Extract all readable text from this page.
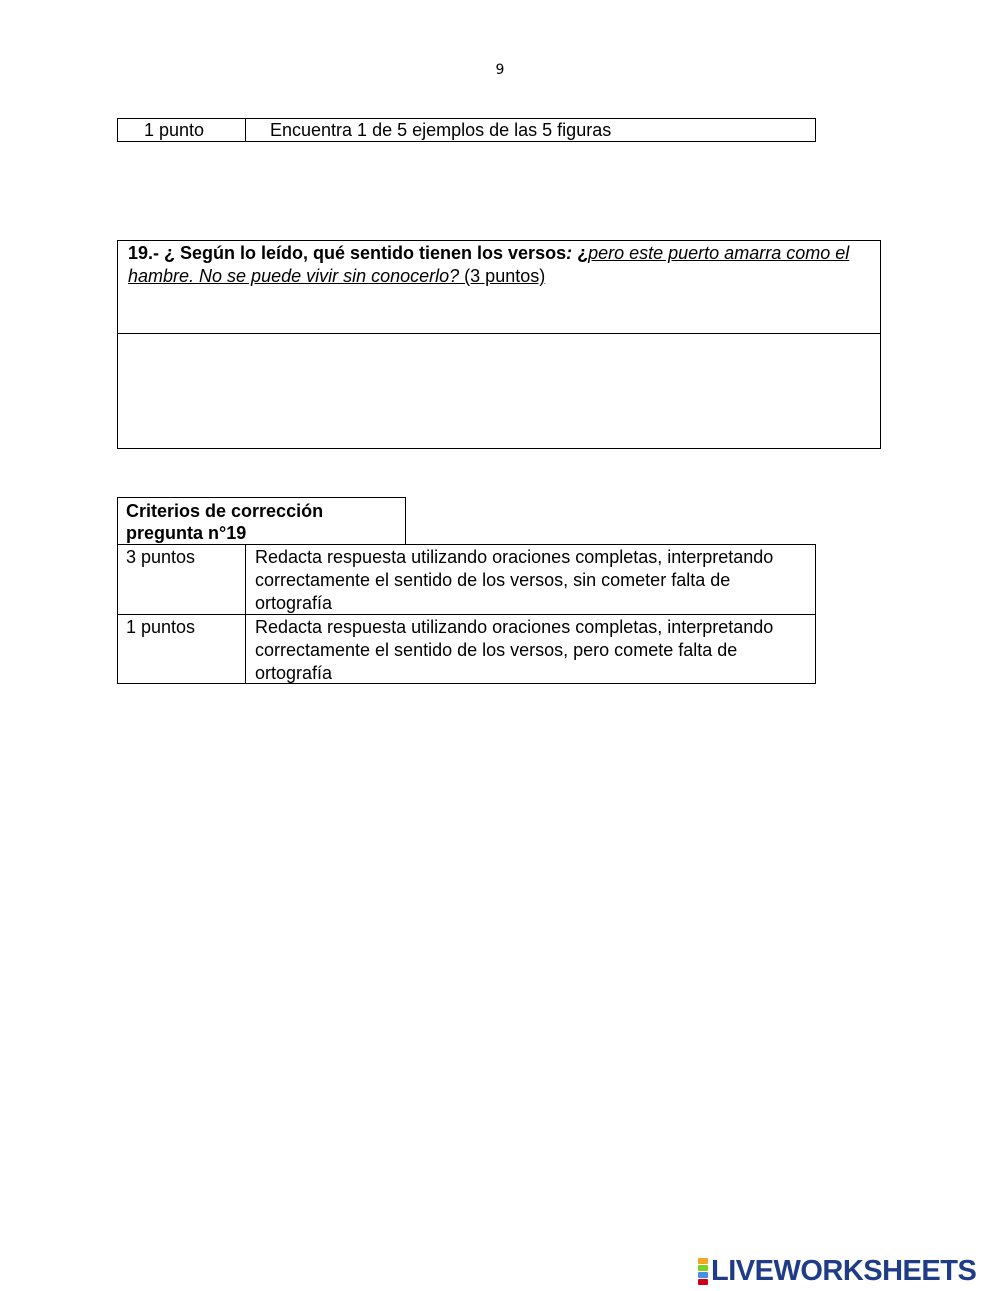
9
1 punto	Encuentra 1 de 5 ejemplos de las 5 figuras
19.- ¿ Según lo leído, qué sentido tienen los versos: ¿pero este puerto amarra como el hambre. No se puede vivir sin conocerlo? (3 puntos)
Criterios de corrección pregunta n°19
3 puntos	Redacta respuesta utilizando oraciones completas, interpretando correctamente el sentido de los versos, sin cometer falta de ortografía
1 puntos	Redacta respuesta utilizando oraciones completas, interpretando correctamente el sentido de los versos, pero comete falta de ortografía
LIVEWORKSHEETS
